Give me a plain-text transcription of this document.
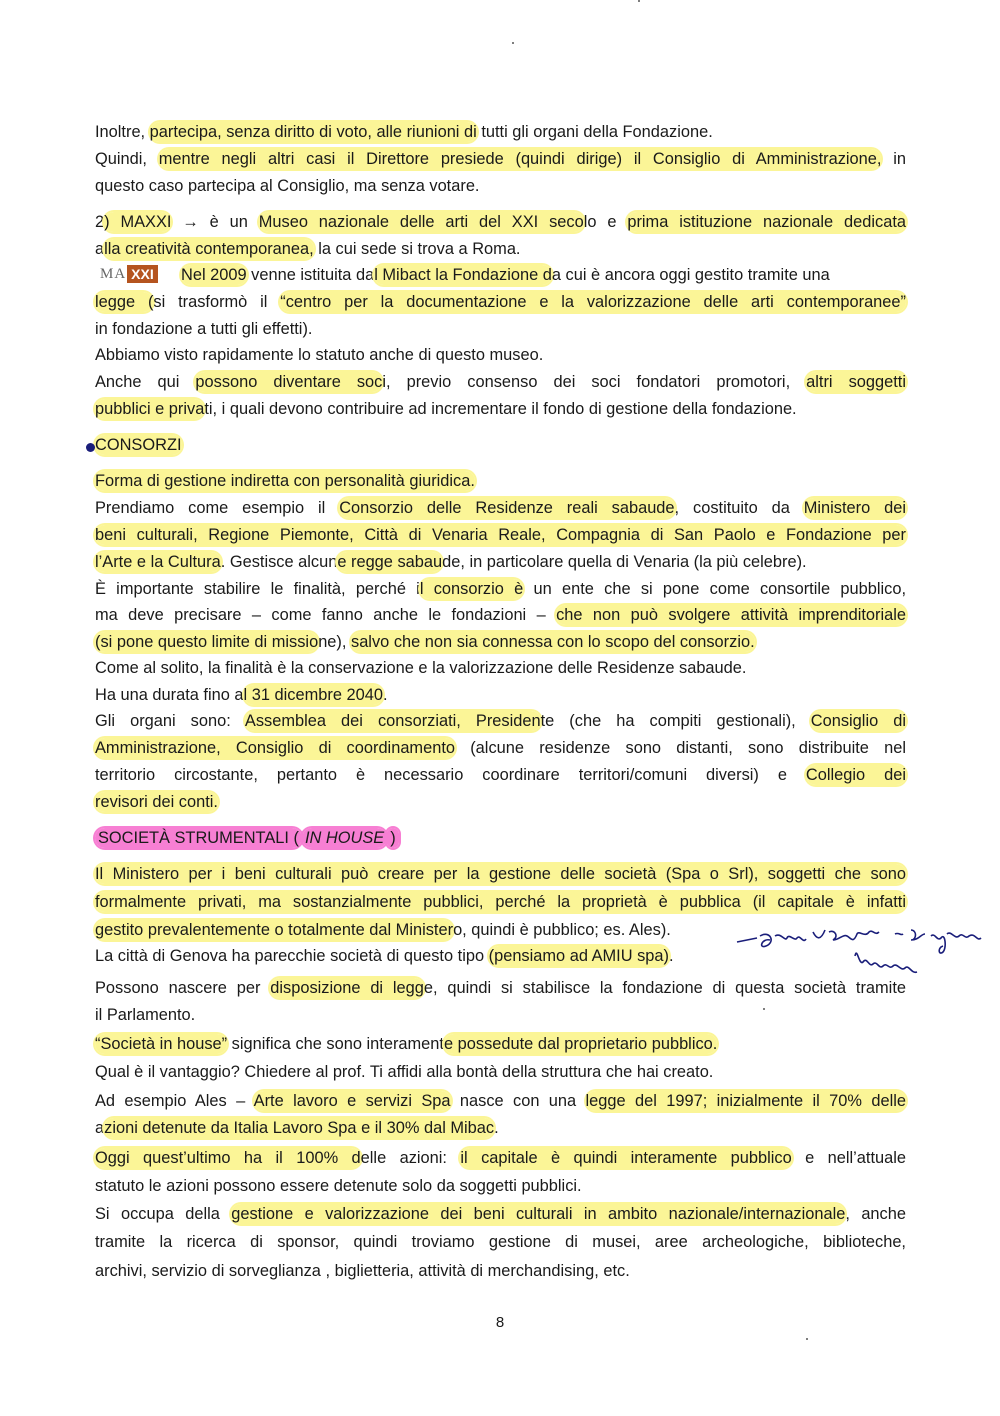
Inoltre, partecipa, senza diritto di voto, alle riunioni di tutti gli organi della Fondazione.
Quindi, mentre negli altri casi il Direttore presiede (quindi dirige) il Consiglio di Amministrazione, in
questo caso partecipa al Consiglio, ma senza votare.
2) MAXXI → è un Museo nazionale delle arti del XXI secolo e prima istituzione nazionale dedicata
alla creatività contemporanea, la cui sede si trova a Roma.
Nel 2009 venne istituita dal Mibact la Fondazione da cui è ancora oggi gestito tramite una
legge (si trasformò il “centro per la documentazione e la valorizzazione delle arti contemporanee”
in fondazione a tutti gli effetti).
Abbiamo visto rapidamente lo statuto anche di questo museo.
Anche qui possono diventare soci, previo consenso dei soci fondatori promotori, altri soggetti
pubblici e privati, i quali devono contribuire ad incrementare il fondo di gestione della fondazione.
CONSORZI
Forma di gestione indiretta con personalità giuridica.
Prendiamo come esempio il Consorzio delle Residenze reali sabaude, costituito da Ministero dei
beni culturali, Regione Piemonte, Città di Venaria Reale, Compagnia di San Paolo e Fondazione per
l’Arte e la Cultura. Gestisce alcune regge sabaude, in particolare quella di Venaria (la più celebre).
È importante stabilire le finalità, perché il consorzio è un ente che si pone come consortile pubblico,
ma deve precisare – come fanno anche le fondazioni – che non può svolgere attività imprenditoriale
(si pone questo limite di missione), salvo che non sia connessa con lo scopo del consorzio.
Come al solito, la finalità è la conservazione e la valorizzazione delle Residenze sabaude.
Ha una durata fino al 31 dicembre 2040.
Gli organi sono: Assemblea dei consorziati, Presidente (che ha compiti gestionali), Consiglio di
Amministrazione, Consiglio di coordinamento (alcune residenze sono distanti, sono distribuite nel
territorio circostante, pertanto è necessario coordinare territori/comuni diversi) e Collegio dei
revisori dei conti.
SOCIETÀ STRUMENTALI ( IN HOUSE )
Il Ministero per i beni culturali può creare per la gestione delle società (Spa o Srl), soggetti che sono
formalmente privati, ma sostanzialmente pubblici, perché la proprietà è pubblica (il capitale è infatti
gestito prevalentemente o totalmente dal Ministero, quindi è pubblico; es. Ales).
La città di Genova ha parecchie società di questo tipo (pensiamo ad AMIU spa).
Possono nascere per disposizione di legge, quindi si stabilisce la fondazione di questa società tramite
il Parlamento.
“Società in house” significa che sono interamente possedute dal proprietario pubblico.
Qual è il vantaggio? Chiedere al prof. Ti affidi alla bontà della struttura che hai creato.
Ad esempio Ales – Arte lavoro e servizi Spa nasce con una legge del 1997; inizialmente il 70% delle
azioni detenute da Italia Lavoro Spa e il 30% dal Mibac.
Oggi quest’ultimo ha il 100% delle azioni: il capitale è quindi interamente pubblico e nell’attuale
statuto le azioni possono essere detenute solo da soggetti pubblici.
Si occupa della gestione e valorizzazione dei beni culturali in ambito nazionale/internazionale, anche
tramite la ricerca di sponsor, quindi troviamo gestione di musei, aree archeologiche, biblioteche,
archivi, servizio di sorveglianza , biglietteria, attività di merchandising, etc.
MA XXI
8
